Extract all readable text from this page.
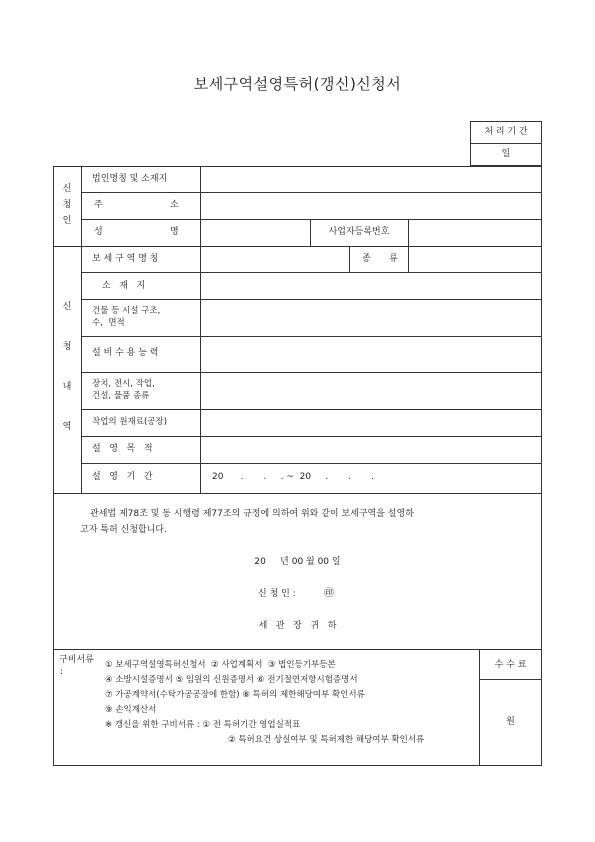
보세구역설영특허(갱신)신청서
처 리 기 간
일
신
청
인
법인명칭 및 소재지
주	소
성	명	사업자등록번호
신
청
내
역
보 세 구 역 명 칭	종 류
소   재   지
건물 등 시설 구조,
수,  면적
설 비 수 용 능 력
장치, 전시, 작업,
건설, 물품 종류
작업의 원재료(공장)
설   영   목   적
설   영   기   간	20      .       .     . ~  20     .       .       .
관세법 제78조 및 동 시행령 제77조의 규정에 의하여 위와 같이 보세구역을 설영하
고자 특허 신청합니다.
20     년 00 월 00 일
신 청 인 :	㊞
세   관   장   귀   하
구비서류
:
① 보세구역설영특허신청서  ② 사업계획서  ③ 법인등기부등본
④ 소방시설증명서 ⑤ 임원의 신원증명서 ⑥ 전기절연저항시험증명서
⑦ 가공계약서(수탁가공공장에 한함) ⑧ 특허의 제한해당여부 확인서류
⑨ 손익계산서
※ 갱신을 위한 구비서류 : ① 전 특허기간 영업실적표
② 특허요건 상실여부 및 특허제한 해당여부 확인서류
수 수 료
원
